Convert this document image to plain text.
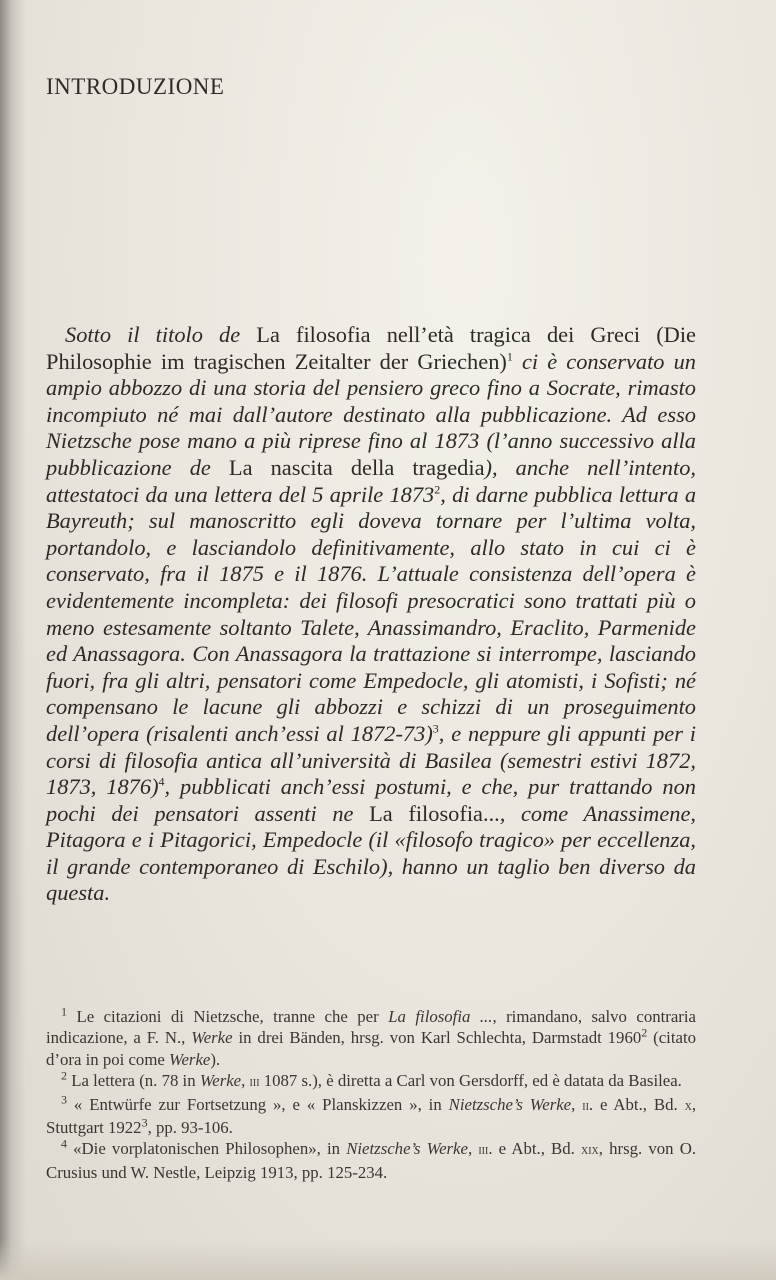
INTRODUZIONE

Sotto il titolo de La filosofia nell’età tragica dei Greci (Die Philosophie im tragischen Zeitalter der Griechen)$^1$ ci è conservato un ampio abbozzo di una storia del pensiero greco fino a Socrate, rimasto incompiuto né mai dall’autore destinato alla pubblicazione. Ad esso Nietzsche pose mano a più riprese fino al 1873 (l’anno successivo alla pubblicazione de La nascita della tragedia), anche nell’intento, attestatoci da una lettera del 5 aprile 1873$^2$, di darne pubblica lettura a Bayreuth; sul manoscritto egli doveva tornare per l’ultima volta, portandolo, e lasciandolo definitivamente, allo stato in cui ci è conservato, fra il 1875 e il 1876. L’attuale consistenza dell’opera è evidentemente incompleta: dei filosofi presocratici sono trattati più o meno estesamente soltanto Talete, Anassimandro, Eraclito, Parmenide ed Anassagora. Con Anassagora la trattazione si interrompe, lasciando fuori, fra gli altri, pensatori come Empedocle, gli atomisti, i Sofisti; né compensano le lacune gli abbozzi e schizzi di un proseguimento dell’opera (risalenti anch’essi al 1872-73)$^3$, e neppure gli appunti per i corsi di filosofia antica all’università di Basilea (semestri estivi 1872, 1873, 1876)$^4$, pubblicati anch’essi postumi, e che, pur trattando non pochi dei pensatori assenti ne La filosofia..., come Anassimene, Pitagora e i Pitagorici, Empedocle (il «filosofo tragico» per eccellenza, il grande contemporaneo di Eschilo), hanno un taglio ben diverso da questa.

$^1$ Le citazioni di Nietzsche, tranne che per La filosofia ..., rimandano, salvo contraria indicazione, a F. N., Werke in drei Bänden, hrsg. von Karl Schlechta, Darmstadt 1960$^2$ (citato d’ora in poi come Werke).

$^2$ La lettera (n. 78 in Werke, iii 1087 s.), è diretta a Carl von Gersdorff, ed è datata da Basilea.

$^3$ « Entwürfe zur Fortsetzung », e « Planskizzen », in Nietzsche’s Werke, ii. e Abt., Bd. x, Stuttgart 1922$^3$, pp. 93-106.

$^4$ «Die vorplatonischen Philosophen», in Nietzsche’s Werke, iii. e Abt., Bd. xix, hrsg. von O. Crusius und W. Nestle, Leipzig 1913, pp. 125-234.
